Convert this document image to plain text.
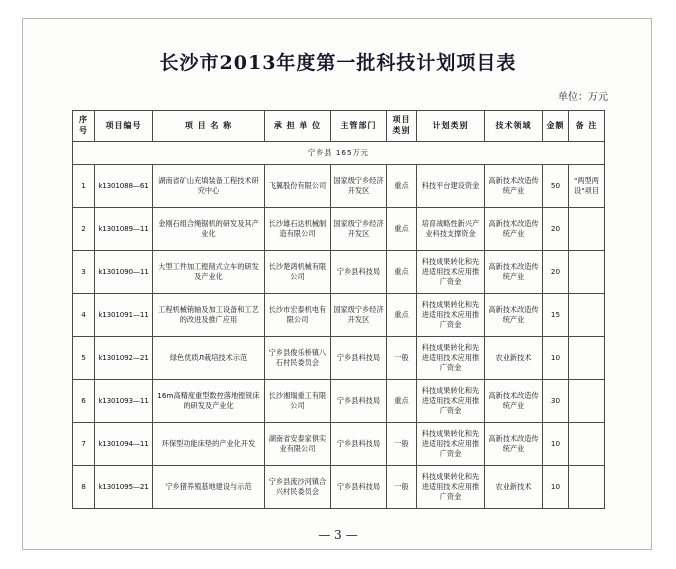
长沙市2013年度第一批科技计划项目表
单位：万元
序号	项目编号	项 目 名 称	承 担 单 位	主管部门	项目类别	计划类别	技术领域	金额	备 注
宁乡县 165万元									
1	k1301088—61	湖南省矿山充填装备工程技术研究中心	飞翼股份有限公司	国家级宁乡经济开发区	重点	科技平台建设资金	高新技术改造传统产业	50	"两型两设"项目
2	k1301089—11	金刚石组合绳锯机的研发及其产业化	长沙雄石达机械制造有限公司	国家级宁乡经济开发区	重点	培育战略性新兴产业科技支撑资金	高新技术改造传统产业	20	
3	k1301090—11	大型工件加工镗削式立车的研发及产业化	长沙楚鸿机械有限公司	宁乡县科技局	重点	科技成果转化和先进适用技术应用推广资金	高新技术改造传统产业	20	
4	k1301091—11	工程机械销轴及加工设备和工艺的改进及推广应用	长沙市宏泰机电有限公司	国家级宁乡经济开发区	重点	科技成果转化和先进适用技术应用推广资金	高新技术改造传统产业	15	
5	k1301092—21	绿色优质Л栽培技术示范	宁乡县俊乐桥镇八石村民委员会	宁乡县科技局	一般	科技成果转化和先进适用技术应用推广资金	农业新技术	10	
6	k1301093—11	16m高精度重型数控落地镗铣床的研发及产业化	长沙湘瑞重工有限公司	宁乡县科技局	重点	科技成果转化和先进适用技术应用推广资金	高新技术改造传统产业	30	
7	k1301094—11	环保型功能床垫的产业化开发	湖南省安泰家俱实业有限公司	宁乡县科技局	一般	科技成果转化和先进适用技术应用推广资金	高新技术改造传统产业	10	
8	k1301095—21	宁乡猪养殖基地建设与示范	宁乡县流沙河镇合兴村民委员会	宁乡县科技局	一般	科技成果转化和先进适用技术应用推广资金	农业新技术	10	
— 3 —
